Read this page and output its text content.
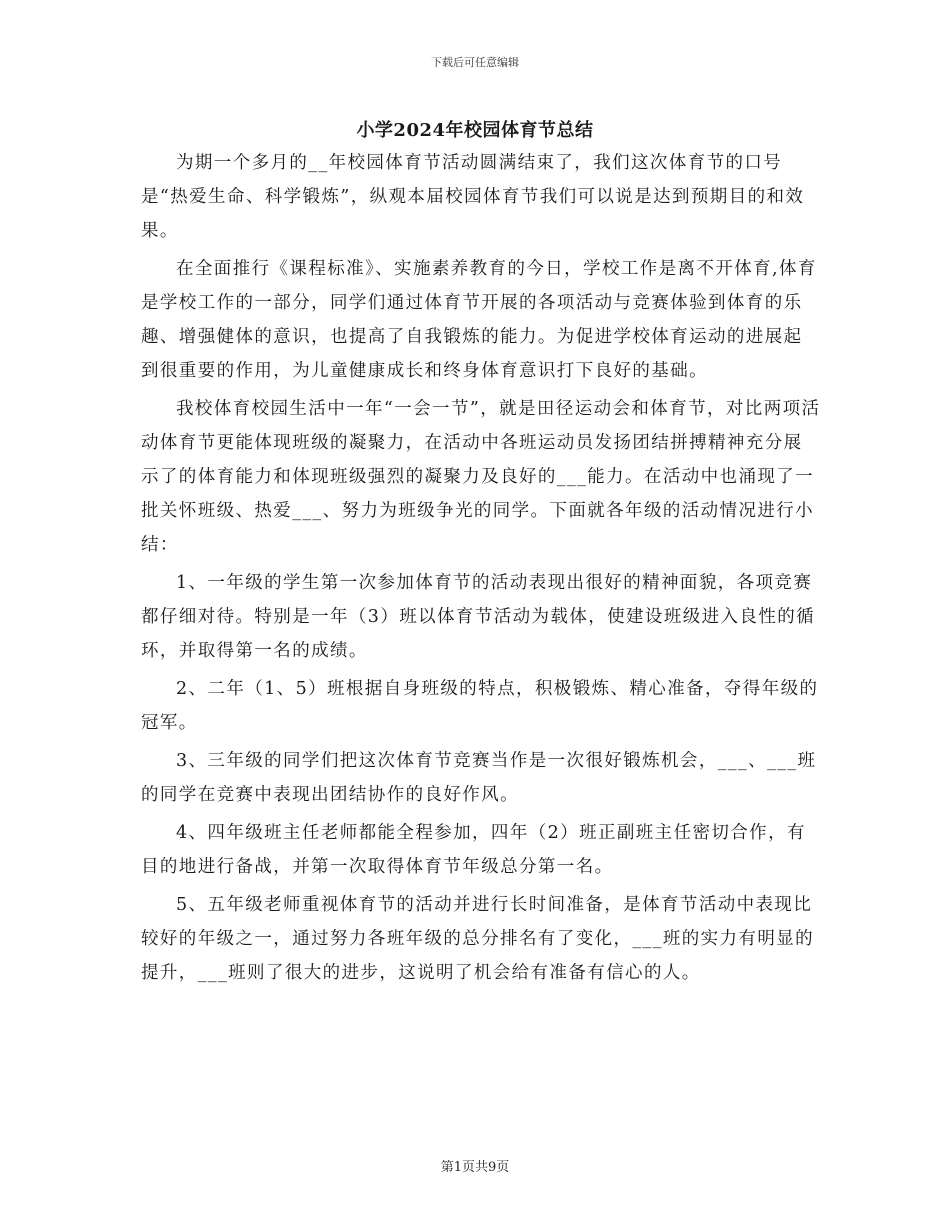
下载后可任意编辑
小学2024年校园体育节总结

为期一个多月的__年校园体育节活动圆满结束了，我们这次体育节的口号是“热爱生命、科学锻炼”，纵观本届校园体育节我们可以说是达到预期目的和效果。

在全面推行《课程标准》、实施素养教育的今日，学校工作是离不开体育,体育是学校工作的一部分，同学们通过体育节开展的各项活动与竞赛体验到体育的乐趣、增强健体的意识，也提高了自我锻炼的能力。为促进学校体育运动的进展起到很重要的作用，为儿童健康成长和终身体育意识打下良好的基础。

我校体育校园生活中一年“一会一节”，就是田径运动会和体育节，对比两项活动体育节更能体现班级的凝聚力，在活动中各班运动员发扬团结拼搏精神充分展示了的体育能力和体现班级强烈的凝聚力及良好的___能力。在活动中也涌现了一批关怀班级、热爱___、努力为班级争光的同学。下面就各年级的活动情况进行小结：

1、一年级的学生第一次参加体育节的活动表现出很好的精神面貌，各项竞赛都仔细对待。特别是一年（3）班以体育节活动为载体，使建设班级进入良性的循环，并取得第一名的成绩。

2、二年（1、5）班根据自身班级的特点，积极锻炼、精心准备，夺得年级的冠军。

3、三年级的同学们把这次体育节竞赛当作是一次很好锻炼机会，___、___班的同学在竞赛中表现出团结协作的良好作风。

4、四年级班主任老师都能全程参加，四年（2）班正副班主任密切合作，有目的地进行备战，并第一次取得体育节年级总分第一名。

5、五年级老师重视体育节的活动并进行长时间准备，是体育节活动中表现比较好的年级之一，通过努力各班年级的总分排名有了变化，___班的实力有明显的提升，___班则了很大的进步，这说明了机会给有准备有信心的人。

第1页共9页
